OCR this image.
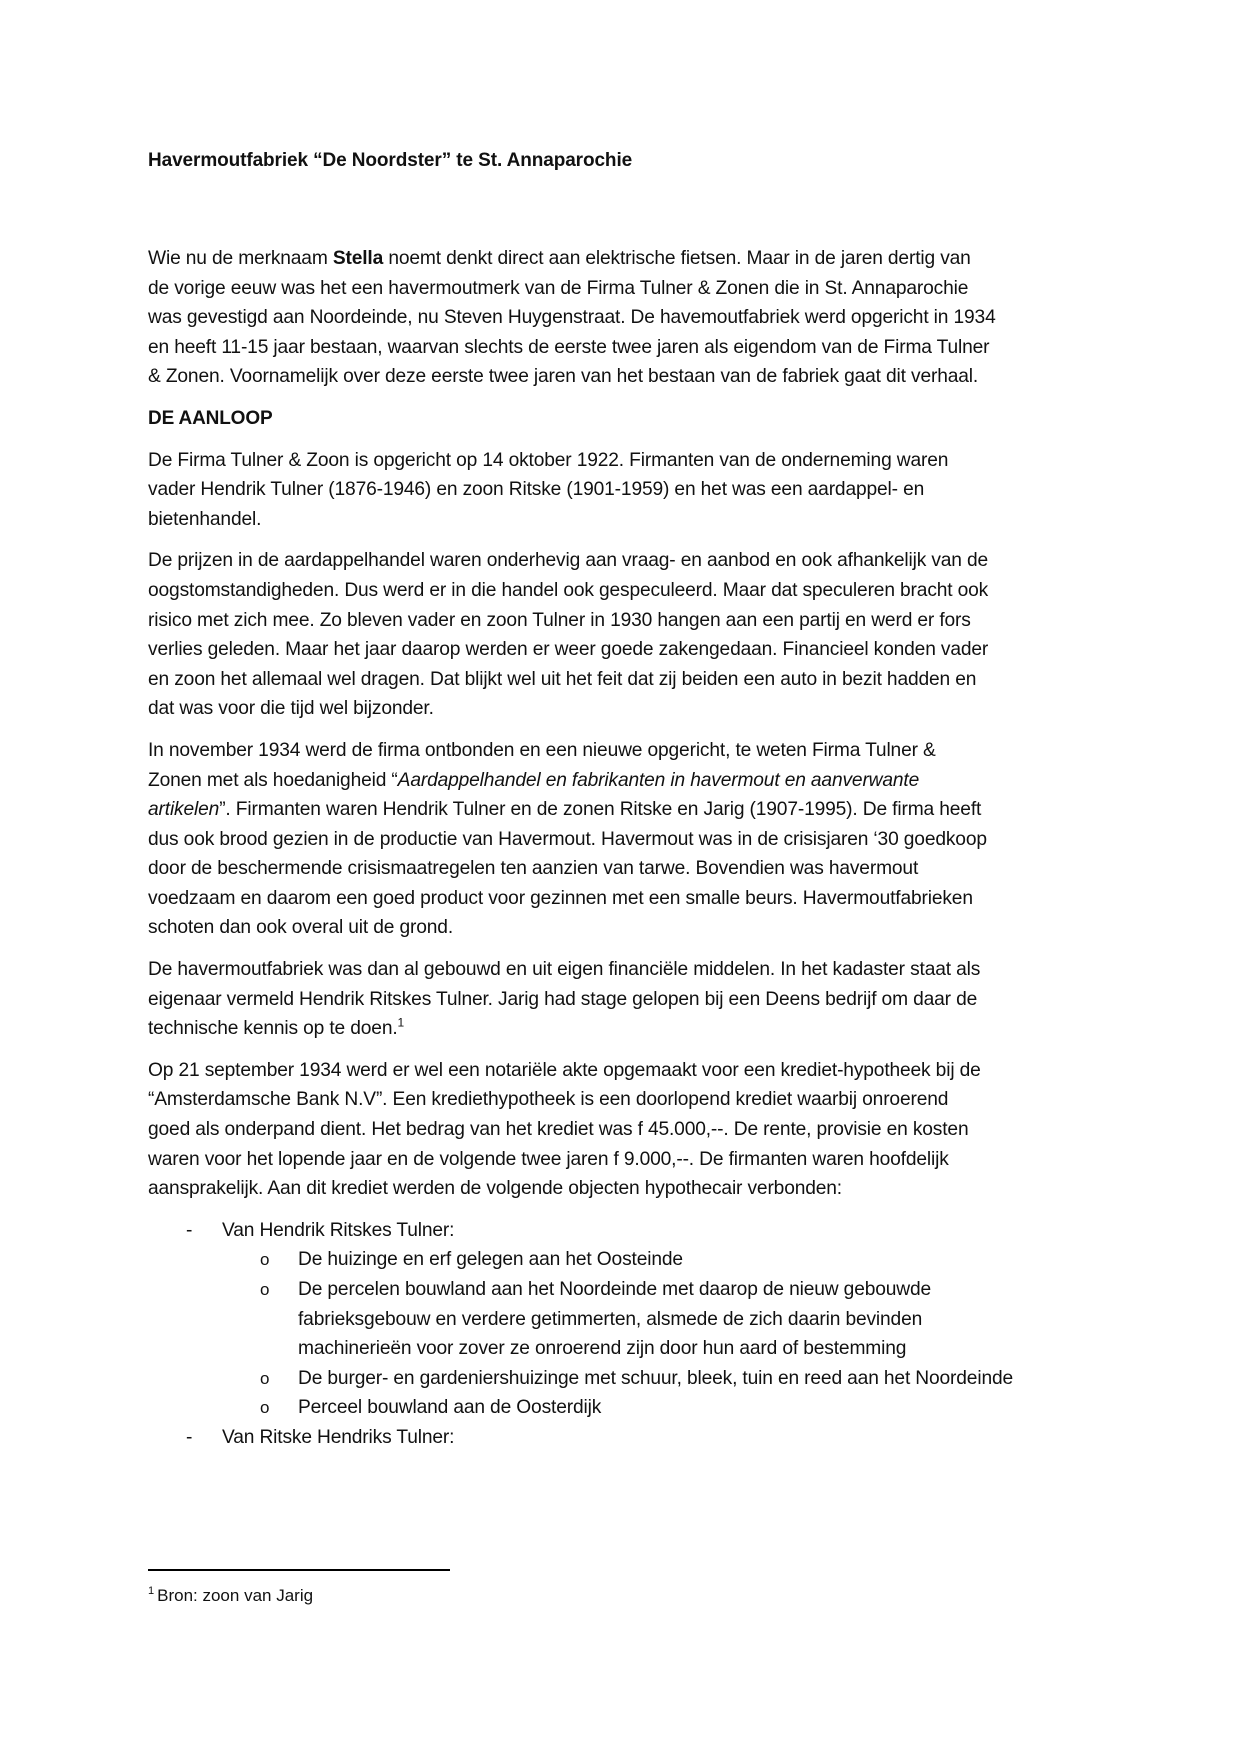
Havermoutfabriek “De Noordster” te St. Annaparochie

Wie nu de merknaam Stella noemt denkt direct aan elektrische fietsen. Maar in de jaren dertig van
de vorige eeuw was het een havermoutmerk van de Firma Tulner & Zonen die in St. Annaparochie
was gevestigd aan Noordeinde, nu Steven Huygenstraat. De havemoutfabriek werd opgericht in 1934
en heeft 11-15 jaar bestaan, waarvan slechts de eerste twee jaren als eigendom van de Firma Tulner
& Zonen. Voornamelijk over deze eerste twee jaren van het bestaan van de fabriek gaat dit verhaal.

DE AANLOOP

De Firma Tulner & Zoon is opgericht op 14 oktober 1922. Firmanten van de onderneming waren
vader Hendrik Tulner (1876-1946) en zoon Ritske (1901-1959) en het was een aardappel- en
bietenhandel.

De prijzen in de aardappelhandel waren onderhevig aan vraag- en aanbod en ook afhankelijk van de
oogstomstandigheden. Dus werd er in die handel ook gespeculeerd. Maar dat speculeren bracht ook
risico met zich mee. Zo bleven vader en zoon Tulner in 1930 hangen aan een partij en werd er fors
verlies geleden. Maar het jaar daarop werden er weer goede zakengedaan. Financieel konden vader
en zoon het allemaal wel dragen. Dat blijkt wel uit het feit dat zij beiden een auto in bezit hadden en
dat was voor die tijd wel bijzonder.

In november 1934 werd de firma ontbonden en een nieuwe opgericht, te weten Firma Tulner &
Zonen met als hoedanigheid “Aardappelhandel en fabrikanten in havermout en aanverwante
artikelen”. Firmanten waren Hendrik Tulner en de zonen Ritske en Jarig (1907-1995). De firma heeft
dus ook brood gezien in de productie van Havermout. Havermout was in de crisisjaren ‘30 goedkoop
door de beschermende crisismaatregelen ten aanzien van tarwe. Bovendien was havermout
voedzaam en daarom een goed product voor gezinnen met een smalle beurs. Havermoutfabrieken
schoten dan ook overal uit de grond.

De havermoutfabriek was dan al gebouwd en uit eigen financiële middelen. In het kadaster staat als
eigenaar vermeld Hendrik Ritskes Tulner. Jarig had stage gelopen bij een Deens bedrijf om daar de
technische kennis op te doen.$^1$

Op 21 september 1934 werd er wel een notariële akte opgemaakt voor een krediet-hypotheek bij de
“Amsterdamsche Bank N.V”. Een krediethypotheek is een doorlopend krediet waarbij onroerend
goed als onderpand dient. Het bedrag van het krediet was f 45.000,--. De rente, provisie en kosten
waren voor het lopende jaar en de volgende twee jaren f 9.000,--. De firmanten waren hoofdelijk
aansprakelijk. Aan dit krediet werden de volgende objecten hypothecair verbonden:

- Van Hendrik Ritskes Tulner:
o De huizinge en erf gelegen aan het Oosteinde
o De percelen bouwland aan het Noordeinde met daarop de nieuw gebouwde
fabrieksgebouw en verdere getimmerten, alsmede de zich daarin bevinden
machinerieën voor zover ze onroerend zijn door hun aard of bestemming
o De burger- en gardeniershuizinge met schuur, bleek, tuin en reed aan het Noordeinde
o Perceel bouwland aan de Oosterdijk
- Van Ritske Hendriks Tulner:
$^1$ Bron: zoon van Jarig
